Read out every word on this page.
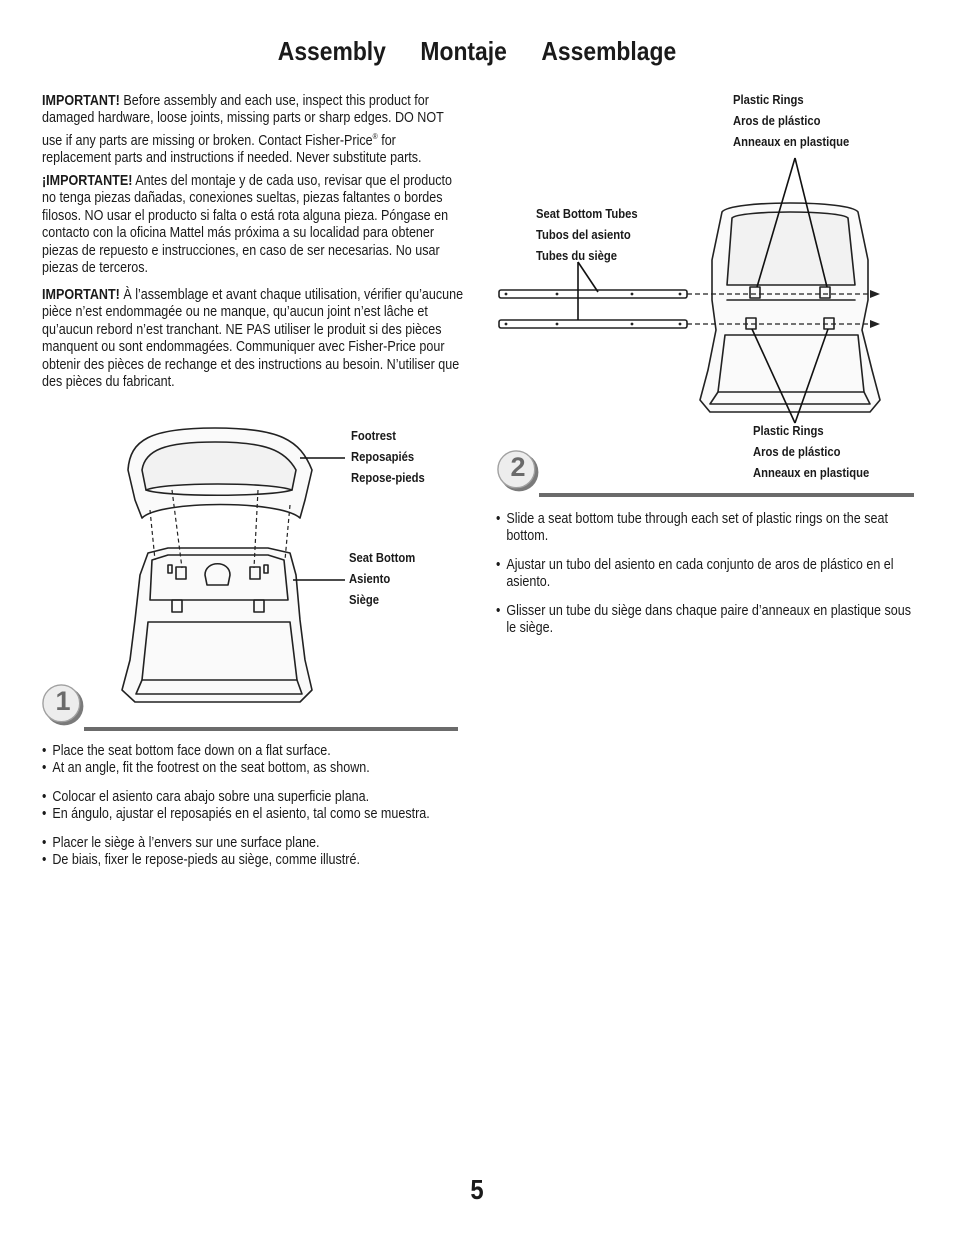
Assembly Montaje Assemblage
IMPORTANT! Before assembly and each use, inspect this product for damaged hardware, loose joints, missing parts or sharp edges. DO NOT use if any parts are missing or broken. Contact Fisher-Price® for replacement parts and instructions if needed. Never substitute parts.
¡IMPORTANTE! Antes del montaje y de cada uso, revisar que el producto no tenga piezas dañadas, conexiones sueltas, piezas faltantes o bordes filosos. NO usar el producto si falta o está rota alguna pieza. Póngase en contacto con la oficina Mattel más próxima a su localidad para obtener piezas de repuesto e instrucciones, en caso de ser necesarias. No usar piezas de terceros.
IMPORTANT! À l’assemblage et avant chaque utilisation, vérifier qu’aucune pièce n’est endommagée ou ne manque, qu’aucun joint n’est lâche et qu’aucun rebord n’est tranchant. NE PAS utiliser le produit si des pièces manquent ou sont endommagées. Communiquer avec Fisher-Price pour obtenir des pièces de rechange et des instructions au besoin. N’utiliser que des pièces du fabricant.
Footrest
Reposapiés
Repose-pieds
Seat Bottom
Asiento
Siège
1
• Place the seat bottom face down on a flat surface.
• At an angle, fit the footrest on the seat bottom, as shown.
• Colocar el asiento cara abajo sobre una superficie plana.
• En ángulo, ajustar el reposapiés en el asiento, tal como se muestra.
• Placer le siège à l’envers sur une surface plane.
• De biais, fixer le repose-pieds au siège, comme illustré.
Plastic Rings
Aros de plástico
Anneaux en plastique
Seat Bottom Tubes
Tubos del asiento
Tubes du siège
Plastic Rings
Aros de plástico
Anneaux en plastique
2
• Slide a seat bottom tube through each set of plastic rings on the seat bottom.
• Ajustar un tubo del asiento en cada conjunto de aros de plástico en el asiento.
• Glisser un tube du siège dans chaque paire d’anneaux en plastique sous le siège.
5
